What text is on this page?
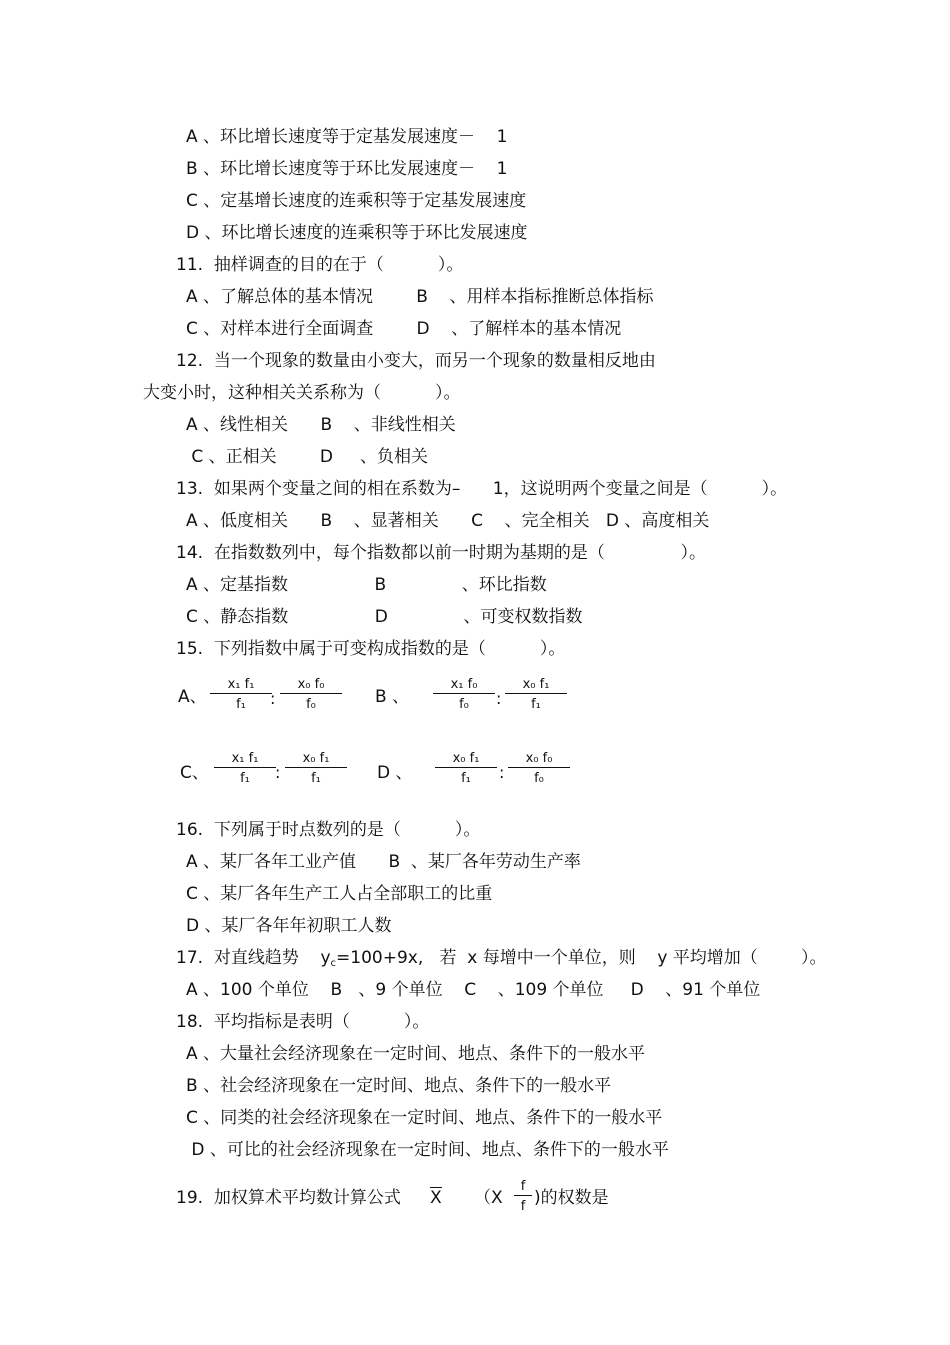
A 、环比增长速度等于定基发展速度－    1
B 、环比增长速度等于环比发展速度－    1
C 、定基增长速度的连乘积等于定基发展速度
D 、环比增长速度的连乘积等于环比发展速度
11.  抽样调查的目的在于（          ）。
A 、了解总体的基本情况        B    、用样本指标推断总体指标
C 、对样本进行全面调查        D    、了解样本的基本情况
12.  当一个现象的数量由小变大，而另一个现象的数量相反地由
大变小时，这种相关关系称为（          ）。
A 、线性相关      B    、非线性相关
C 、正相关        D     、负相关
13.  如果两个变量之间的相在系数为–      1，这说明两个变量之间是（          ）。
A 、低度相关      B    、显著相关      C    、完全相关   D 、高度相关
14.  在指数数列中，每个指数都以前一时期为基期的是（              ）。
A 、定基指数                B              、环比指数
C 、静态指数                D              、可变权数指数
15.  下列指数中属于可变构成指数的是（          ）。
A、
x₁ f₁
f₁	:
x₀ f₀
f₀	B 、
x₁ f₀
f₀	:
x₀ f₁
f₁
C、
x₁ f₁
f₁	:
x₀ f₁
f₁	D 、
x₀ f₁
f₁	:
x₀ f₀
f₀
16.  下列属于时点数列的是（          ）。
A 、某厂各年工业产值      B  、某厂各年劳动生产率
C 、某厂各年生产工人占全部职工的比重
D 、某厂各年年初职工人数
17.  对直线趋势    yc=100+9x,   若  x 每增中一个单位，则    y 平均增加（        ）。
A 、100 个单位    B   、9 个单位    C    、109 个单位     D    、91 个单位
18.  平均指标是表明（          ）。
A 、大量社会经济现象在一定时间、地点、条件下的一般水平
B 、社会经济现象在一定时间、地点、条件下的一般水平
C 、同类的社会经济现象在一定时间、地点、条件下的一般水平
D 、可比的社会经济现象在一定时间、地点、条件下的一般水平
19.  加权算术平均数计算公式 X （X
f
f )的权数是
